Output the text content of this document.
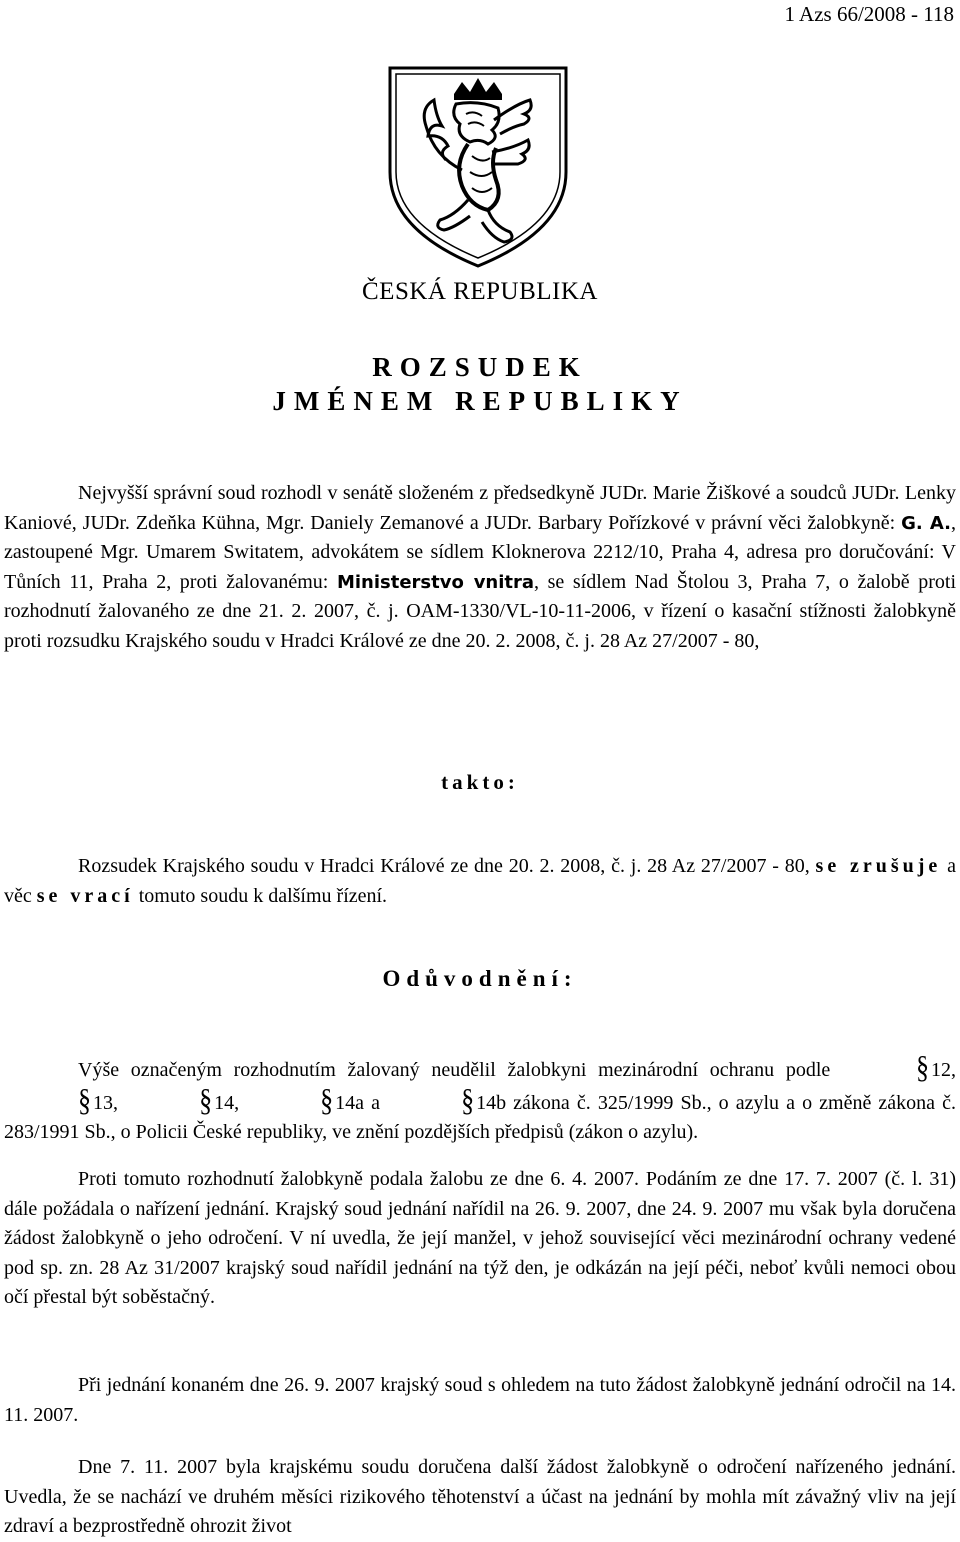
1 Azs 66/2008 - 118
ČESKÁ REPUBLIKA
ROZSUDEK
JMÉNEM REPUBLIKY
Nejvyšší správní soud rozhodl v senátě složeném z předsedkyně JUDr. Marie Žiškové a soudců JUDr. Lenky Kaniové, JUDr. Zdeňka Kühna, Mgr. Daniely Zemanové a JUDr. Barbary Pořízkové v právní věci žalobkyně: G. A., zastoupené Mgr. Umarem Switatem, advokátem se sídlem Kloknerova 2212/10, Praha 4, adresa pro doručování: V Tůních 11, Praha 2, proti žalovanému: Ministerstvo vnitra, se sídlem Nad Štolou 3, Praha 7, o žalobě proti rozhodnutí žalovaného ze dne 21. 2. 2007, č. j. OAM-1330/VL-10-11-2006, v řízení o kasační stížnosti žalobkyně proti rozsudku Krajského soudu v Hradci Králové ze dne 20. 2. 2008, č. j. 28 Az 27/2007 - 80,
takto:
Rozsudek Krajského soudu v Hradci Králové ze dne 20. 2. 2008, č. j. 28 Az 27/2007 - 80, se zrušuje a věc se vrací tomuto soudu k dalšímu řízení.
Odůvodnění:
Výše označeným rozhodnutím žalovaný neudělil žalobkyni mezinárodní ochranu podle	§ 12, § 13,	§ 14,	§ 14a a	§ 14b zákona č. 325/1999 Sb., o azylu a o změně zákona č. 283/1991 Sb., o Policii České republiky, ve znění pozdějších předpisů (zákon o azylu).
Proti tomuto rozhodnutí žalobkyně podala žalobu ze dne 6. 4. 2007. Podáním ze dne 17. 7. 2007 (č. l. 31) dále požádala o nařízení jednání. Krajský soud jednání nařídil na 26. 9. 2007, dne 24. 9. 2007 mu však byla doručena žádost žalobkyně o jeho odročení. V ní uvedla, že její manžel, v jehož související věci mezinárodní ochrany vedené pod sp. zn. 28 Az 31/2007 krajský soud nařídil jednání na týž den, je odkázán na její péči, neboť kvůli nemoci obou očí přestal být soběstačný.
Při jednání konaném dne 26. 9. 2007 krajský soud s ohledem na tuto žádost žalobkyně jednání odročil na 14. 11. 2007.
Dne 7. 11. 2007 byla krajskému soudu doručena další žádost žalobkyně o odročení nařízeného jednání. Uvedla, že se nachází ve druhém měsíci rizikového těhotenství a účast na jednání by mohla mít závažný vliv na její zdraví a bezprostředně ohrozit život
